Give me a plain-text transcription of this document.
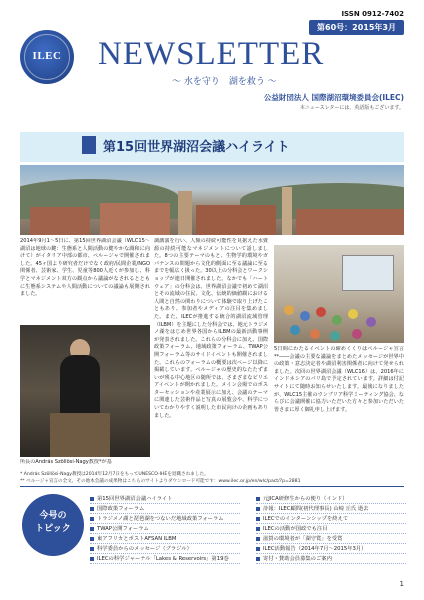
ISSN 0912-7402
第60号：2015年3月
ILEC	NEWSLETTER
〜 水を守り　湖を救う 〜
公益財団法人 国際湖沼環境委員会(ILEC)
本ニュースレターには、英語版もございます。
第15回世界湖沼会議ハイライト
2014年9月1〜5日に、第15回世界湖沼会議（WLC15〜湖沼は地球の鍵：生態系と人間活動の健やかな調和に向けて）がイタリア中部の都市、ペルージャで開催されました。45ヶ国より研究者だけでなく政府/民間企業/NGO関係者、芸術家、学生、児童等800人近くが参加し、科学とマネジメント双方の観点から議論がなされるとともに生態系システムや人間活動についての議論も展開されました。
所長のAndrás Szöllösi-Nagy教授*が基
調講演を行い、人類の持続可能性を見据えた水資源の持続可能なマネジメントについて話しました。8つの主要テーマのもと、生物学的環境やガバナンスの問題から文化的側面に至る議論に至るまでを幅広く扱った。30以上の分科会とワークショップが連日開催されました。なかでも「ハートウェア」の分科会は、世界湖沼会議で初めて湖沼とその流域の住民、文化、伝統的価値観における人間と自然の関わりについて体験で取り上げたこともあり、参加者やメディアの注目を集めました。また、ILECが推進する統合的湖沼流域管理（ILBM）を主題にした分科会では、地元トラジメノ湖をはじめ世界各国からILBMの最新活動事例が発表されました。これらの分科会に加え、国際政策フォーラム、地域政策フォーラム、TWAP公開フォーラム等のサイドイベントも開催されました。これらのフォーラムの概要は次ページ以降に掲載しています。ペルージャの歴史的なたたずまいが残る中心地区の随所では、さまざまなピリエアイベントが開かれました。メイン会場でのポスターセッションや産業展示に加え、会議のテーマに関連した芸術作品と写真の展覧会や、科学についてわかりやすく説明した市民向けの企画もありました。
5日間にわたるイベントの締めくくりはペルージャ宣言**――会議の主要な議論をまとめたメッセージが世界中の政策・意志決定者や湖沼利害関係者に向けて発せられました。次回の世界湖沼会議（WLC16）は、2016年にインドネシアのバリ島で予定されています。詳細は付記サイトにて随時お知らせいたします。最後になりましたが、WLC15主催のウンブリア科学ミーティング協会、ならびに会議開催に協力いただいた方々と参加いただいた皆さまに厚く御礼申し上げます。
* András Szöllösi-Nagy教授は2014年12月7日をもってUNESCO-IHEを退職されました。
** ペルージャ宣言の全文、その他本会議の成果物はこちらのサイトよりダウンロード可能です：www.ilec.or.jp/en/wlc/pact/?p=2881
今号の
トピック
第15回世界湖沼会議ハイライト
国際政策フォーラム
トラジメノ湖と琵琶湖をつないだ地域政策フォーラム
TWAP公開フォーラム
東アフリカとポストAFSAN ILBM
科学委員からのメッセージ（ブラジル）
ILECの科学ジャーナル「Lakes & Reservoirs」第19巻
元JICA研修生からの便り（インド）
訃報：ILEC顧問(初代理事長) 山崎 丘氏 逝去
ILECでのインターンシップを終えて
ILECの活動が国政でも注目
滋賀の環境者が「湖守賞」を受賞
ILEC活動報告（2014年7月〜2015年3月）
寄付・賛助会員募集のご案内
1
